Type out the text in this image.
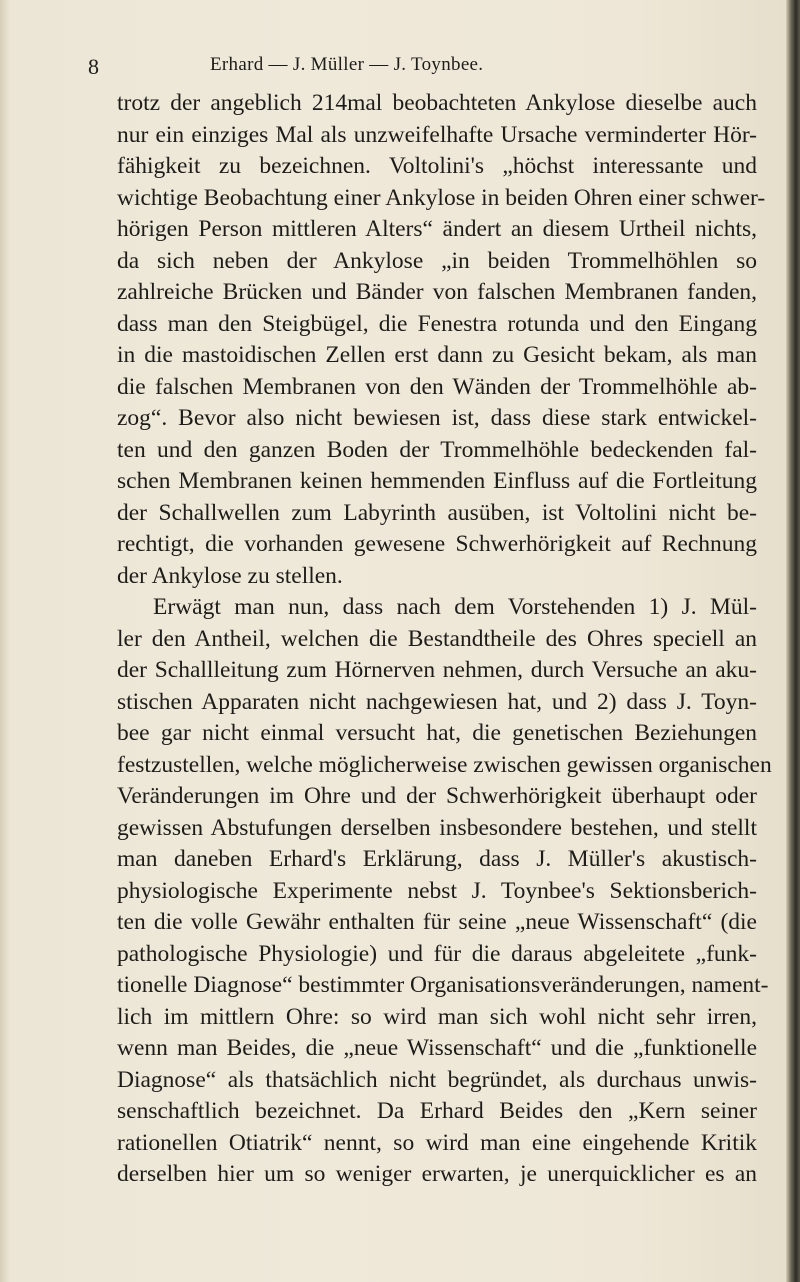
8	Erhard — J. Müller — J. Toynbee.
trotz der angeblich 214mal beobachteten Ankylose dieselbe auch
nur ein einziges Mal als unzweifelhafte Ursache verminderter Hör-
fähigkeit zu bezeichnen. Voltolini's „höchst interessante und
wichtige Beobachtung einer Ankylose in beiden Ohren einer schwer-
hörigen Person mittleren Alters“ ändert an diesem Urtheil nichts,
da sich neben der Ankylose „in beiden Trommelhöhlen so
zahlreiche Brücken und Bänder von falschen Membranen fanden,
dass man den Steigbügel, die Fenestra rotunda und den Eingang
in die mastoidischen Zellen erst dann zu Gesicht bekam, als man
die falschen Membranen von den Wänden der Trommelhöhle ab-
zog“. Bevor also nicht bewiesen ist, dass diese stark entwickel-
ten und den ganzen Boden der Trommelhöhle bedeckenden fal-
schen Membranen keinen hemmenden Einfluss auf die Fortleitung
der Schallwellen zum Labyrinth ausüben, ist Voltolini nicht be-
rechtigt, die vorhanden gewesene Schwerhörigkeit auf Rechnung
der Ankylose zu stellen.
Erwägt man nun, dass nach dem Vorstehenden 1) J. Mül-
ler den Antheil, welchen die Bestandtheile des Ohres speciell an
der Schallleitung zum Hörnerven nehmen, durch Versuche an aku-
stischen Apparaten nicht nachgewiesen hat, und 2) dass J. Toyn-
bee gar nicht einmal versucht hat, die genetischen Beziehungen
festzustellen, welche möglicherweise zwischen gewissen organischen
Veränderungen im Ohre und der Schwerhörigkeit überhaupt oder
gewissen Abstufungen derselben insbesondere bestehen, und stellt
man daneben Erhard's Erklärung, dass J. Müller's akustisch-
physiologische Experimente nebst J. Toynbee's Sektionsberich-
ten die volle Gewähr enthalten für seine „neue Wissenschaft“ (die
pathologische Physiologie) und für die daraus abgeleitete „funk-
tionelle Diagnose“ bestimmter Organisationsveränderungen, nament-
lich im mittlern Ohre: so wird man sich wohl nicht sehr irren,
wenn man Beides, die „neue Wissenschaft“ und die „funktionelle
Diagnose“ als thatsächlich nicht begründet, als durchaus unwis-
senschaftlich bezeichnet. Da Erhard Beides den „Kern seiner
rationellen Otiatrik“ nennt, so wird man eine eingehende Kritik
derselben hier um so weniger erwarten, je unerquicklicher es an
